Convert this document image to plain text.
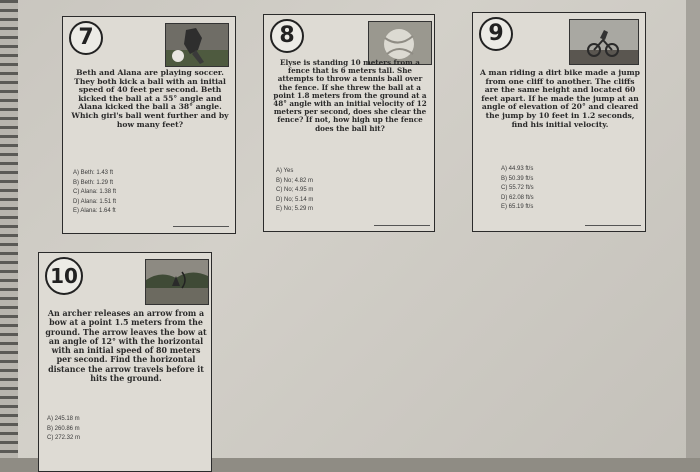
7
Beth and Alana are playing soccer. They both kick a ball with an initial speed of 40 feet per second. Beth kicked the ball at a 55° angle and Alana kicked the ball a 38° angle. Which girl's ball went further and by how many feet?
A) Beth: 1.43 ft
B) Beth: 1.29 ft
C) Alana: 1.38 ft
D) Alana: 1.51 ft
E) Alana: 1.64 ft
8
Elyse is standing 10 meters from a fence that is 6 meters tall. She attempts to throw a tennis ball over the fence. If she threw the ball at a point 1.8 meters from the ground at a 48° angle with an initial velocity of 12 meters per second, does she clear the fence? If not, how high up the fence does the ball hit?
A) Yes
B) No; 4.82 m
C) No; 4.95 m
D) No; 5.14 m
E) No; 5.29 m
9
A man riding a dirt bike made a jump from one cliff to another. The cliffs are the same height and located 60 feet apart. If he made the jump at an angle of elevation of 20° and cleared the jump by 10 feet in 1.2 seconds, find his initial velocity.
A) 44.93 ft/s
B) 50.39 ft/s
C) 55.72 ft/s
D) 62.08 ft/s
E) 65.19 ft/s
10
An archer releases an arrow from a bow at a point 1.5 meters from the ground. The arrow leaves the bow at an angle of 12° with the horizontal with an initial speed of 80 meters per second. Find the horizontal distance the arrow travels before it hits the ground.
A) 245.18 m
B) 260.86 m
C) 272.32 m
